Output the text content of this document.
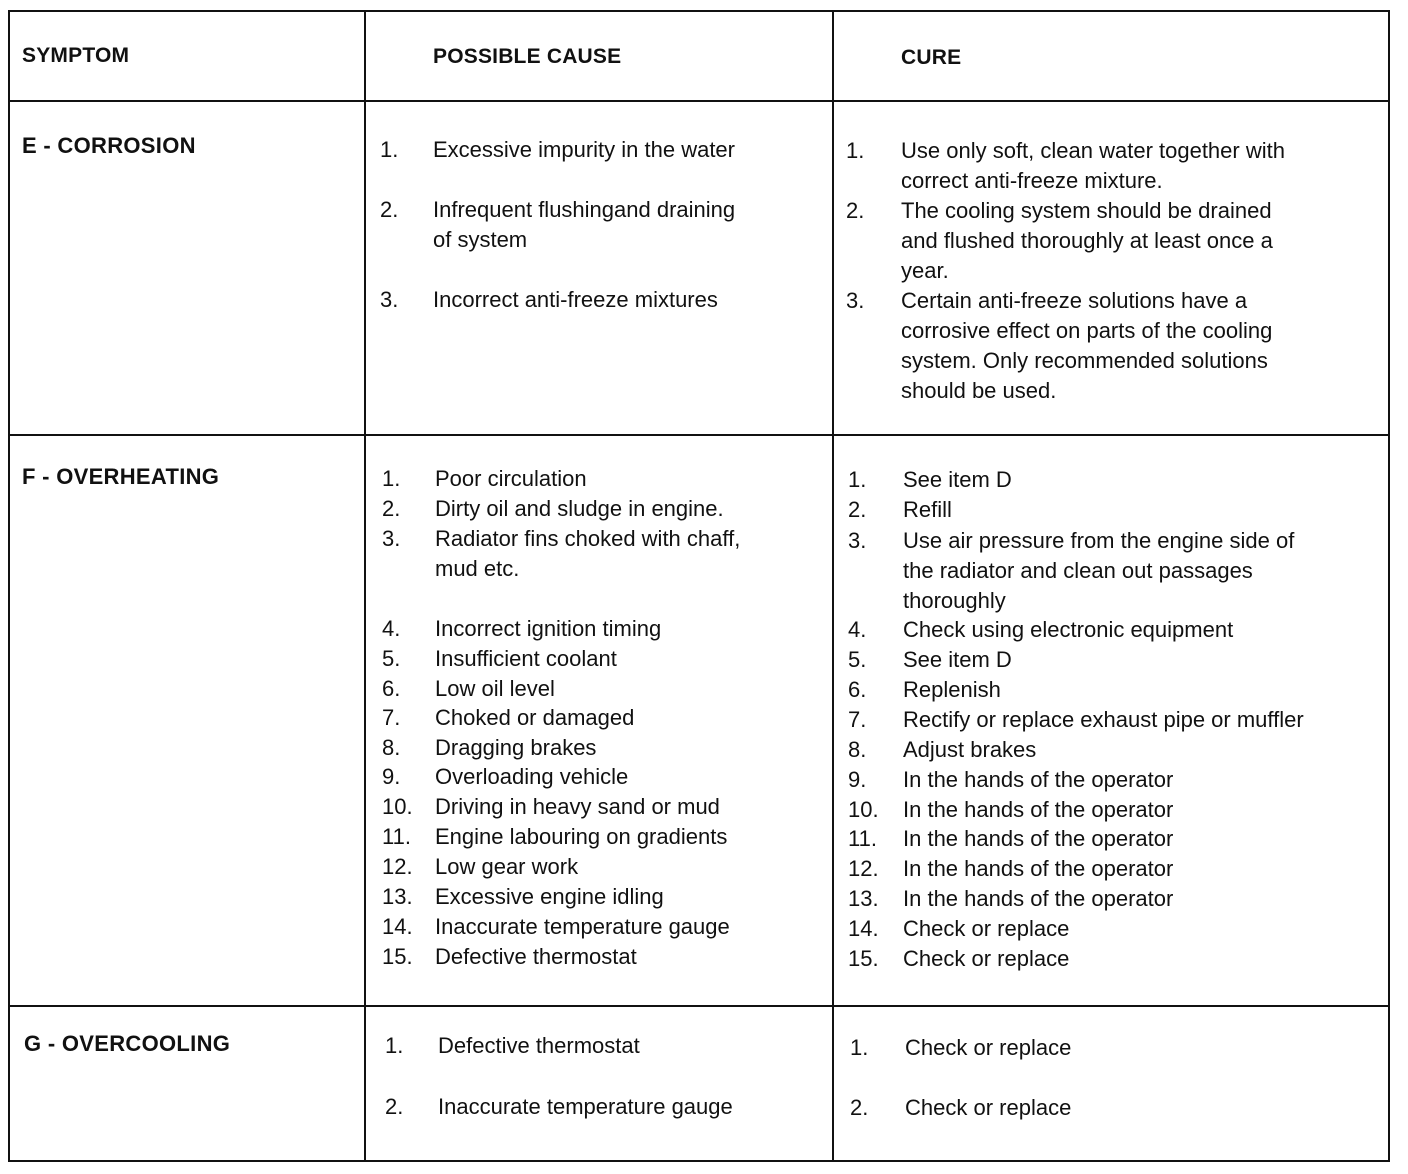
SYMPTOM	POSSIBLE CAUSE	CURE
E - CORROSION
F - OVERHEATING
G - OVERCOOLING
1. Excessive impurity in the water
2. Infrequent flushingand draining
of system
3. Incorrect anti-freeze mixtures
1. Use only soft, clean water together with
correct anti-freeze mixture.
2. The cooling system should be drained
and flushed thoroughly at least once a
year.
3. Certain anti-freeze solutions have a
corrosive effect on parts of the cooling
system. Only recommended solutions
should be used.
1. Poor circulation
2. Dirty oil and sludge in engine.
3. Radiator fins choked with chaff,
mud etc.
4. Incorrect ignition timing
5. Insufficient coolant
6. Low oil level
7. Choked or damaged
8. Dragging brakes
9. Overloading vehicle
10. Driving in heavy sand or mud
11. Engine labouring on gradients
12. Low gear work
13. Excessive engine idling
14. Inaccurate temperature gauge
15. Defective thermostat
1. See item D
2. Refill
3. Use air pressure from the engine side of
the radiator and clean out passages
thoroughly
4. Check using electronic equipment
5. See item D
6. Replenish
7. Rectify or replace exhaust pipe or muffler
8. Adjust brakes
9. In the hands of the operator
10. In the hands of the operator
11. In the hands of the operator
12. In the hands of the operator
13. In the hands of the operator
14. Check or replace
15. Check or replace
1. Defective thermostat
2. Inaccurate temperature gauge
1. Check or replace
2. Check or replace
